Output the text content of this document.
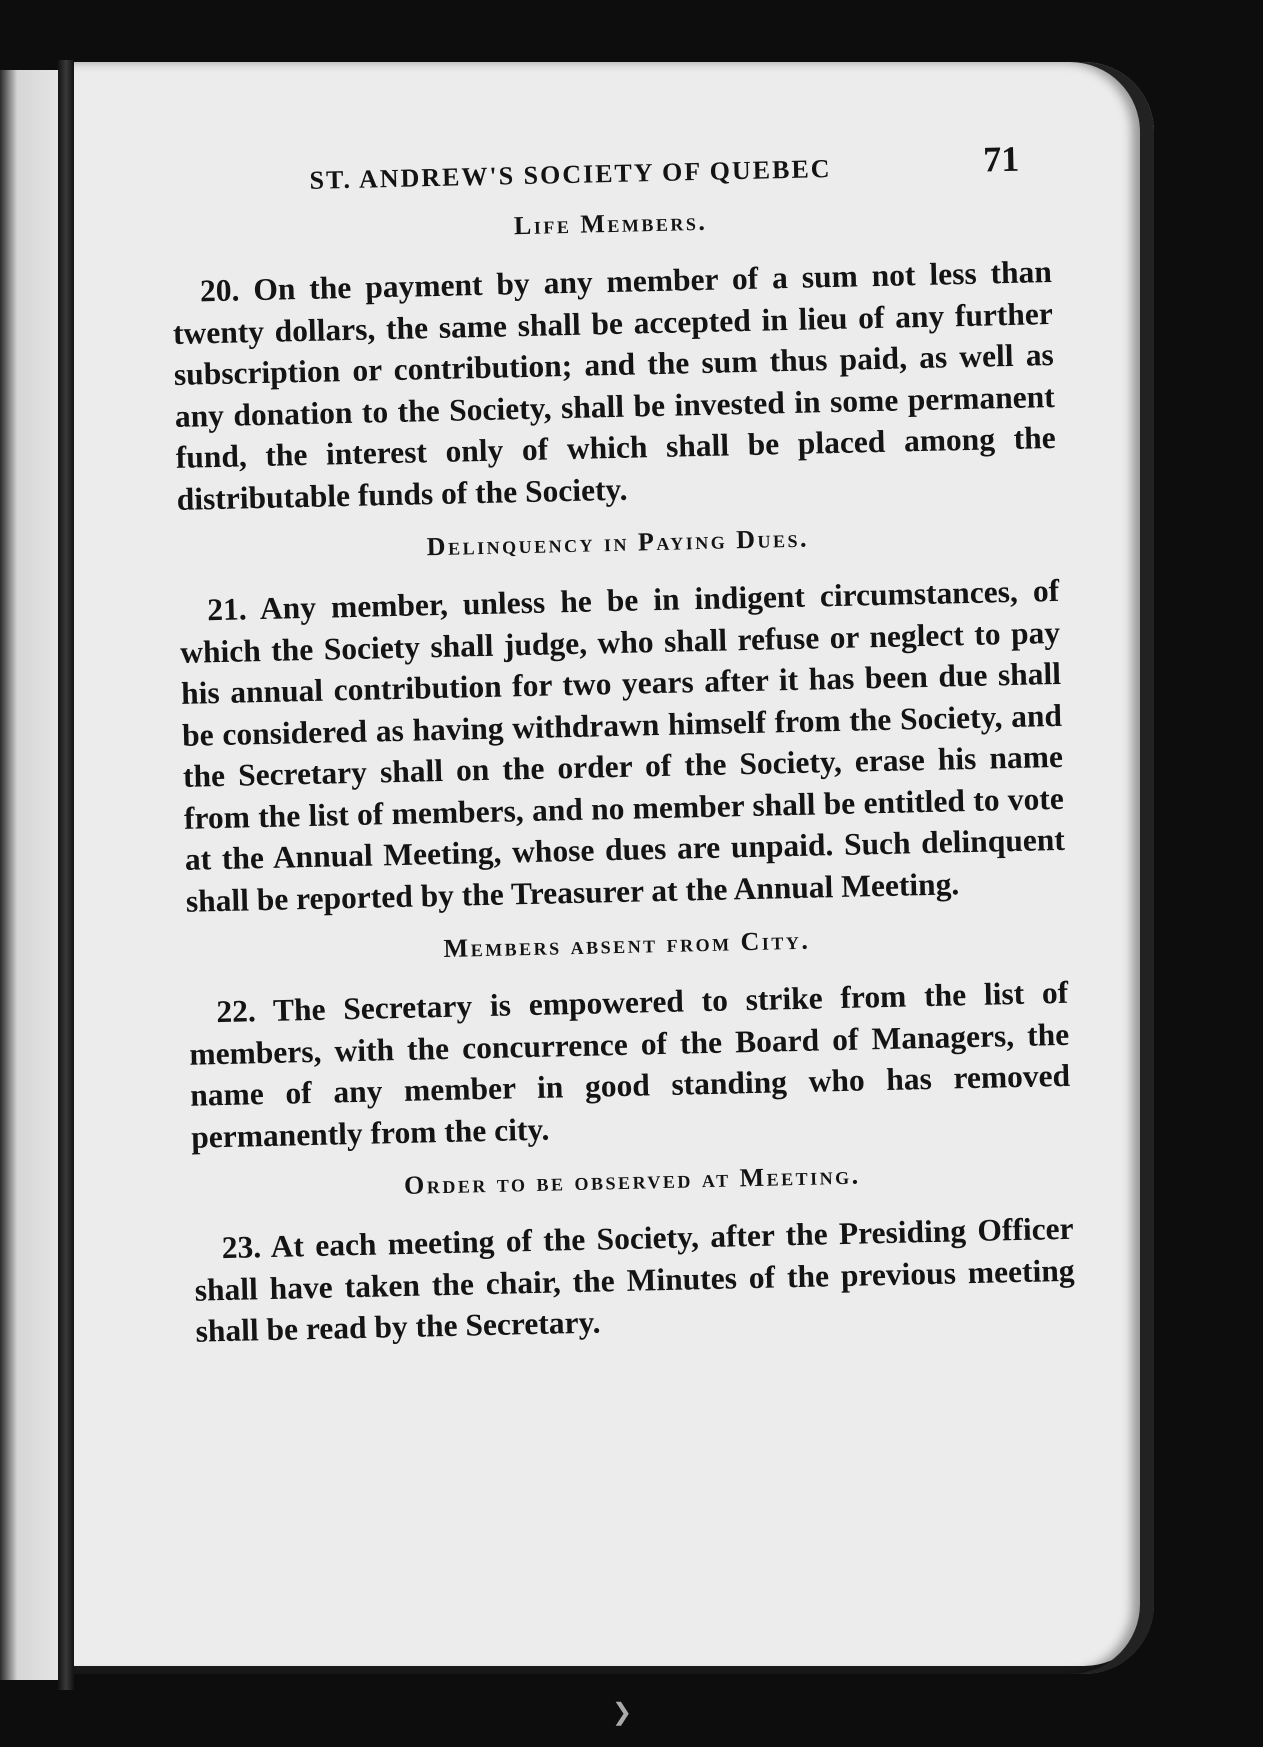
ST. ANDREW'S SOCIETY OF QUEBEC	71
Life Members.

20. On the payment by any member of a sum not less than twenty dollars, the same shall be accepted in lieu of any further subscription or contribution; and the sum thus paid, as well as any donation to the Society, shall be invested in some permanent fund, the interest only of which shall be placed among the distributable funds of the Society.

Delinquency in Paying Dues.

21. Any member, unless he be in indigent circumstances, of which the Society shall judge, who shall refuse or neglect to pay his annual contribution for two years after it has been due shall be considered as having withdrawn himself from the Society, and the Secretary shall on the order of the Society, erase his name from the list of members, and no member shall be entitled to vote at the Annual Meeting, whose dues are unpaid. Such delinquent shall be reported by the Treasurer at the Annual Meeting.

Members absent from City.

22. The Secretary is empowered to strike from the list of members, with the concurrence of the Board of Managers, the name of any member in good standing who has removed permanently from the city.

Order to be observed at Meeting.

23. At each meeting of the Society, after the Presiding Officer shall have taken the chair, the Minutes of the previous meeting shall be read by the Secretary.

❯
